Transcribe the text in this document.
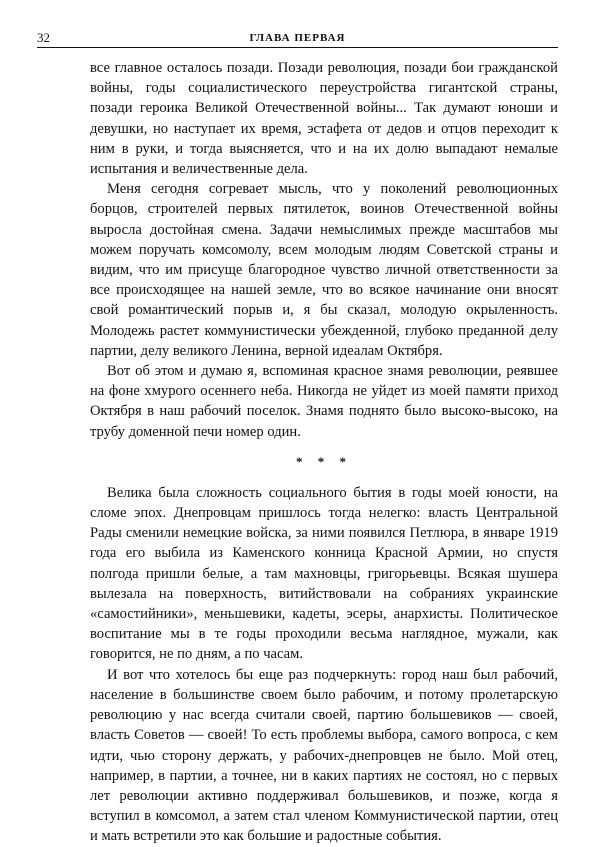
32	ГЛАВА ПЕРВАЯ

все главное осталось позади. Позади революция, позади бои гражданской войны, годы социалистического переустройства гигантской страны, позади героика Великой Отечественной войны... Так думают юноши и девушки, но наступает их время, эстафета от дедов и отцов переходит к ним в руки, и тогда выясняется, что и на их долю выпадают немалые испытания и величественные дела.

Меня сегодня согревает мысль, что у поколений революционных борцов, строителей первых пятилеток, воинов Отечественной войны выросла достойная смена. Задачи немыслимых прежде масштабов мы можем поручать комсомолу, всем молодым людям Советской страны и видим, что им присуще благородное чувство личной ответственности за все происходящее на нашей земле, что во всякое начинание они вносят свой романтический порыв и, я бы сказал, молодую окрыленность. Молодежь растет коммунистически убежденной, глубоко преданной делу партии, делу великого Ленина, верной идеалам Октября.

Вот об этом и думаю я, вспоминая красное знамя революции, реявшее на фоне хмурого осеннего неба. Никогда не уйдет из моей памяти приход Октября в наш рабочий поселок. Знамя поднято было высоко-высоко, на трубу доменной печи номер один.

* * *

Велика была сложность социального бытия в годы моей юности, на сломе эпох. Днепровцам пришлось тогда нелегко: власть Центральной Рады сменили немецкие войска, за ними появился Петлюра, в январе 1919 года его выбила из Каменского конница Красной Армии, но спустя полгода пришли белые, а там махновцы, григорьевцы. Всякая шушера вылезала на поверхность, витийствовали на собраниях украинские «самостийники», меньшевики, кадеты, эсеры, анархисты. Политическое воспитание мы в те годы проходили весьма наглядное, мужали, как говорится, не по дням, а по часам.

И вот что хотелось бы еще раз подчеркнуть: город наш был рабочий, население в большинстве своем было рабочим, и потому пролетарскую революцию у нас всегда считали своей, партию большевиков — своей, власть Советов — своей! То есть проблемы выбора, самого вопроса, с кем идти, чью сторону держать, у рабочих-днепровцев не было. Мой отец, например, в партии, а точнее, ни в каких партиях не состоял, но с первых лет революции активно поддерживал большевиков, и позже, когда я вступил в комсомол, а затем стал членом Коммунистической партии, отец и мать встретили это как большие и радостные события.
